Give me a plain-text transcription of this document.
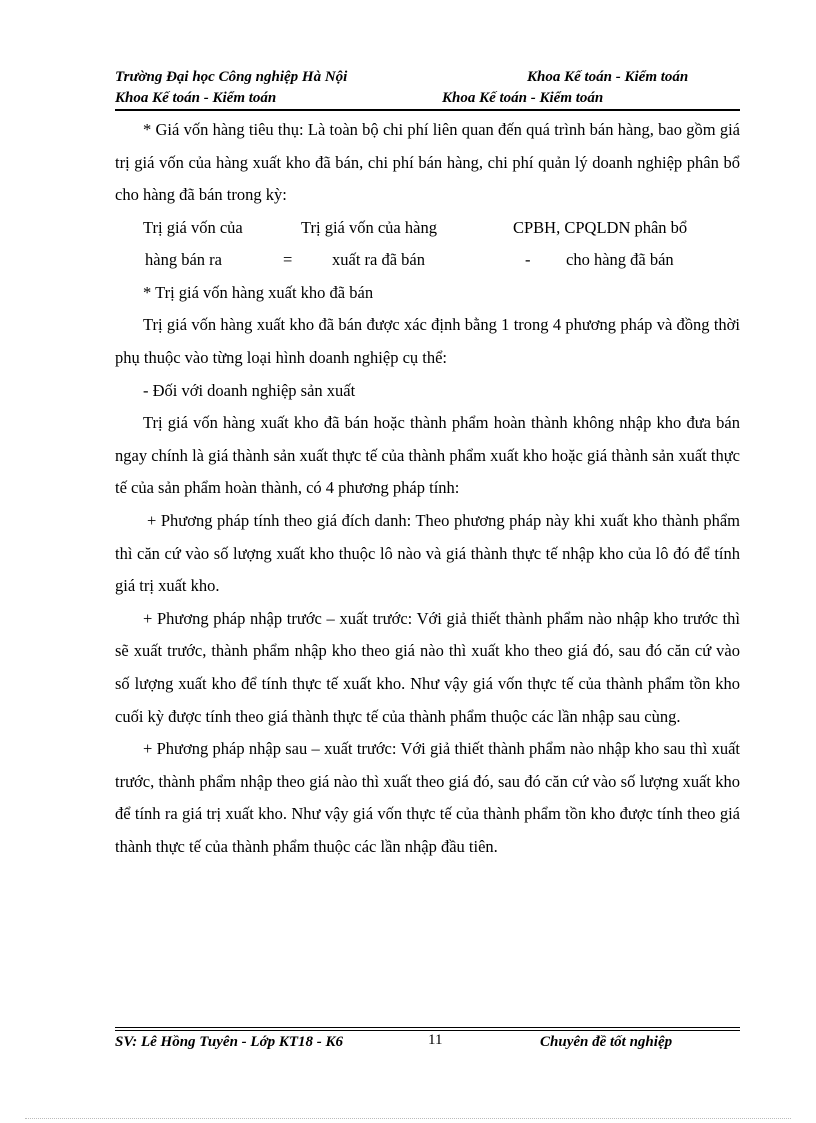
Trường Đại học Công nghiệp Hà Nội	Khoa Kế toán - Kiểm toán
Khoa Kế toán - Kiểm toán	Khoa Kế toán - Kiểm toán

* Giá vốn hàng tiêu thụ: Là toàn bộ chi phí liên quan đến quá trình bán hàng, bao gồm giá trị giá vốn của hàng xuất kho đã bán, chi phí bán hàng, chi phí quản lý doanh nghiệp phân bổ cho hàng đã bán trong kỳ:

Trị giá vốn của
hàng bán ra	=
Trị giá vốn của hàng
xuất ra đã bán	-
CPBH, CPQLDN phân bổ
cho hàng đã bán

* Trị giá vốn hàng xuất kho đã bán

Trị giá vốn hàng xuất kho đã bán được xác định bằng 1 trong 4 phương pháp và đồng thời phụ thuộc vào từng loại hình doanh nghiệp cụ thể:

- Đối với doanh nghiệp sản xuất

Trị giá vốn hàng xuất kho đã bán hoặc thành phẩm hoàn thành không nhập kho đưa bán ngay chính là giá thành sản xuất thực tế của thành phẩm xuất kho hoặc giá thành sản xuất thực tế của sản phẩm hoàn thành, có 4 phương pháp tính:

+ Phương pháp tính theo giá đích danh: Theo phương pháp này khi xuất kho thành phẩm thì căn cứ vào số lượng xuất kho thuộc lô nào và giá thành thực tế nhập kho của lô đó để tính giá trị xuất kho.

+ Phương pháp nhập trước – xuất trước: Với giả thiết thành phẩm nào nhập kho trước thì sẽ xuất trước, thành phẩm nhập kho theo giá nào thì xuất kho theo giá đó, sau đó căn cứ vào số lượng xuất kho để tính thực tế xuất kho. Như vậy giá vốn thực tế của thành phẩm tồn kho cuối kỳ được tính theo giá thành thực tế của thành phẩm thuộc các lần nhập sau cùng.

+ Phương pháp nhập sau – xuất trước: Với giả thiết thành phẩm nào nhập kho sau thì xuất trước, thành phẩm nhập theo giá nào thì xuất theo giá đó, sau đó căn cứ vào số lượng xuất kho để tính ra giá trị xuất kho. Như vậy giá vốn thực tế của thành phẩm tồn kho được tính theo giá thành thực tế của thành phẩm thuộc các lần nhập đầu tiên.

SV: Lê Hồng Tuyên - Lớp KT18 - K6	11	Chuyên đề tốt nghiệp
